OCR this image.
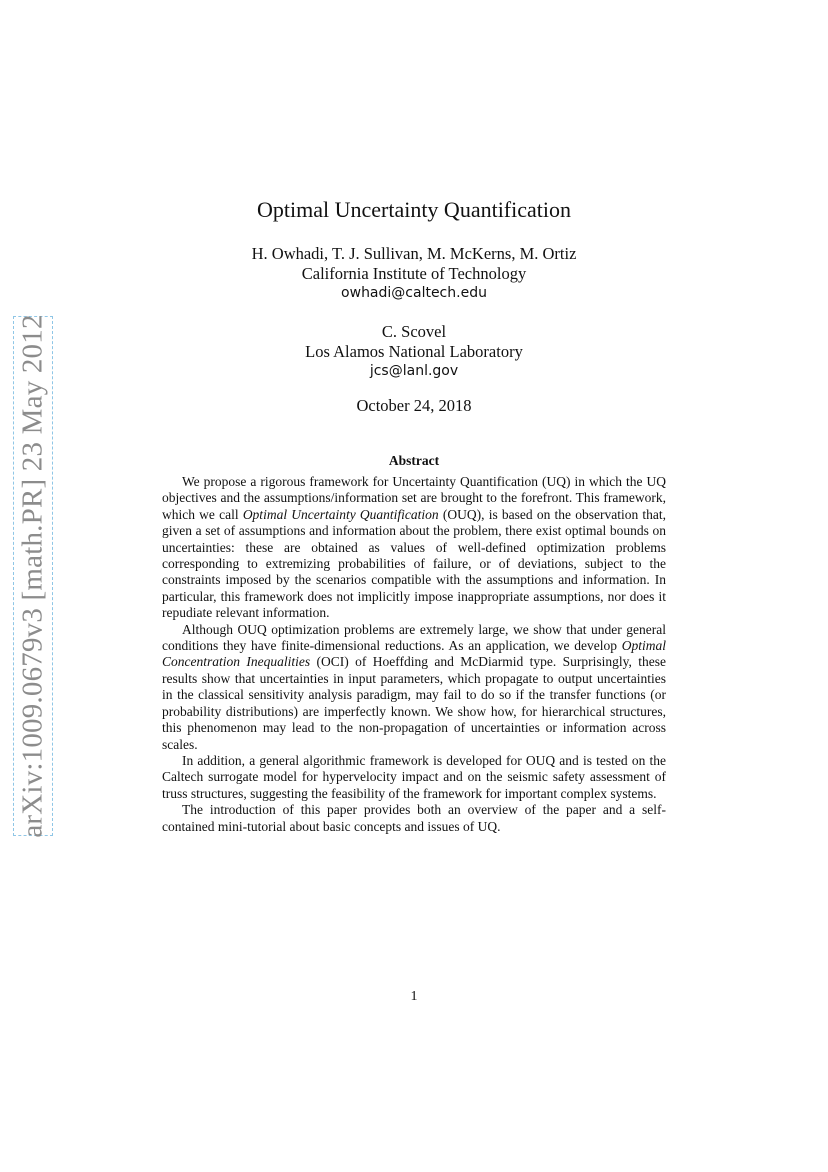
arXiv:1009.0679v3 [math.PR] 23 May 2012
Optimal Uncertainty Quantification
H. Owhadi, T. J. Sullivan, M. McKerns, M. Ortiz
California Institute of Technology
owhadi@caltech.edu
C. Scovel
Los Alamos National Laboratory
jcs@lanl.gov
October 24, 2018
Abstract

We propose a rigorous framework for Uncertainty Quantification (UQ) in which the UQ objectives and the assumptions/information set are brought to the forefront. This framework, which we call Optimal Uncertainty Quantification (OUQ), is based on the observation that, given a set of assumptions and information about the problem, there exist optimal bounds on uncertainties: these are obtained as values of well-defined optimization problems corresponding to extremizing probabilities of failure, or of deviations, subject to the constraints imposed by the scenarios compatible with the assumptions and information. In particular, this framework does not implicitly impose inappropriate assumptions, nor does it repudiate relevant information.

Although OUQ optimization problems are extremely large, we show that under general conditions they have finite-dimensional reductions. As an application, we develop Optimal Concentration Inequalities (OCI) of Hoeffding and McDiarmid type. Surprisingly, these results show that uncertainties in input parameters, which propagate to output uncertainties in the classical sensitivity analysis paradigm, may fail to do so if the transfer functions (or probability distributions) are imperfectly known. We show how, for hierarchical structures, this phenomenon may lead to the non-propagation of uncertainties or information across scales.

In addition, a general algorithmic framework is developed for OUQ and is tested on the Caltech surrogate model for hypervelocity impact and on the seismic safety assessment of truss structures, suggesting the feasibility of the framework for important complex systems.

The introduction of this paper provides both an overview of the paper and a self-contained mini-tutorial about basic concepts and issues of UQ.

1
